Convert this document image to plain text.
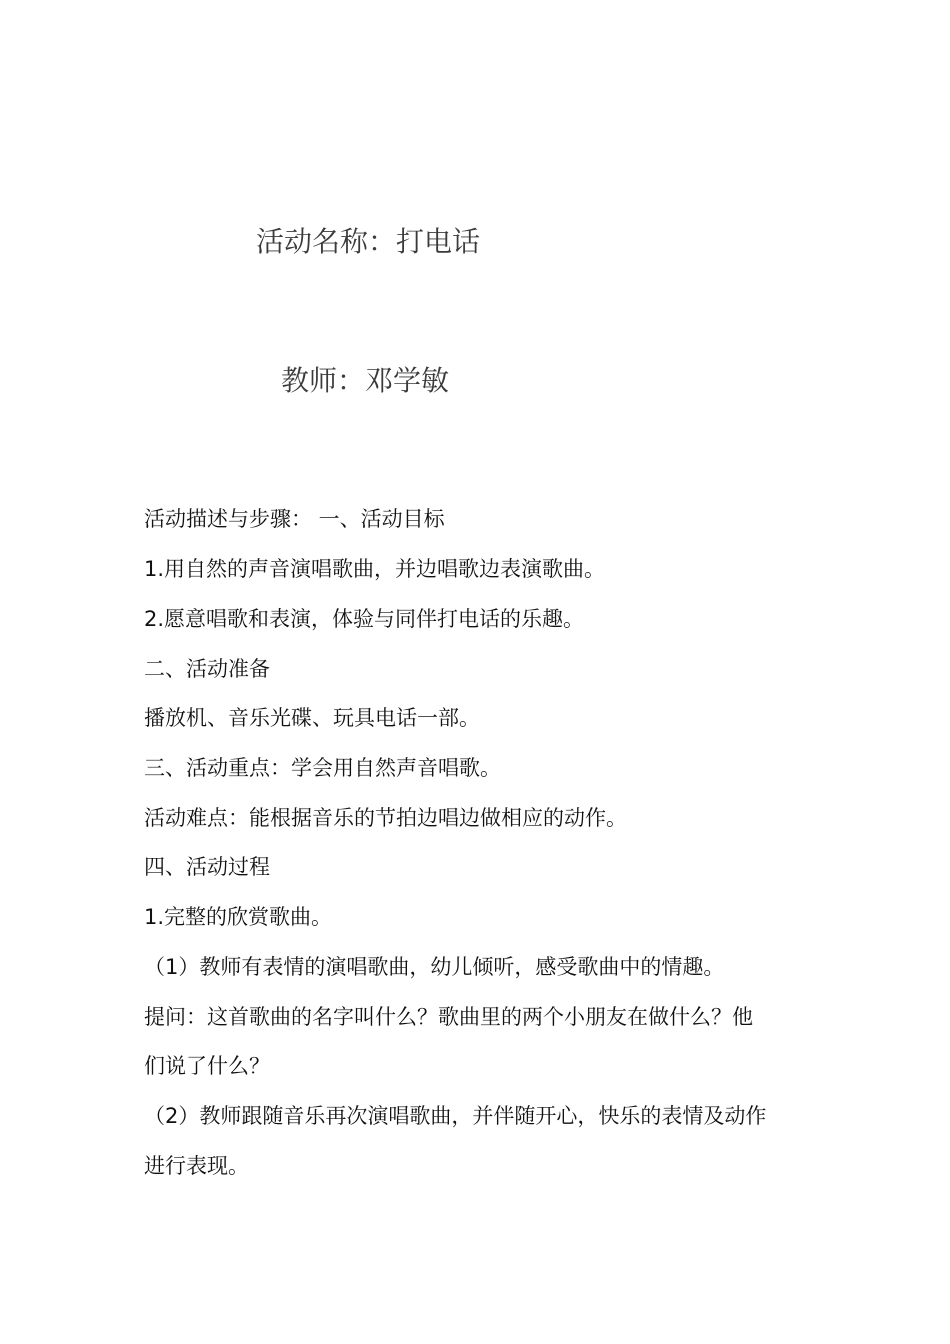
活动名称：打电话
教师：邓学敏
活动描述与步骤： 一、活动目标
1.用自然的声音演唱歌曲，并边唱歌边表演歌曲。
2.愿意唱歌和表演，体验与同伴打电话的乐趣。
二、活动准备
播放机、音乐光碟、玩具电话一部。
三、活动重点：学会用自然声音唱歌。
活动难点：能根据音乐的节拍边唱边做相应的动作。
四、活动过程
1.完整的欣赏歌曲。
（1）教师有表情的演唱歌曲，幼儿倾听，感受歌曲中的情趣。
提问：这首歌曲的名字叫什么？歌曲里的两个小朋友在做什么？他
们说了什么？
（2）教师跟随音乐再次演唱歌曲，并伴随开心，快乐的表情及动作
进行表现。
